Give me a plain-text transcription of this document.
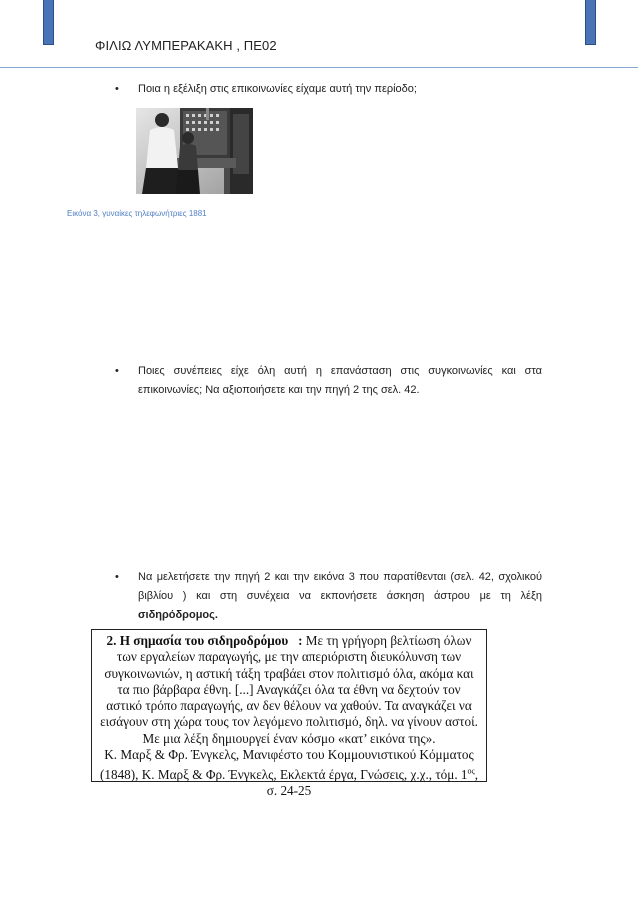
ΦΙΛΙΩ ΛΥΜΠΕΡΑΚΑΚΗ , ΠΕ02
• Ποια η εξέλιξη στις επικοινωνίες είχαμε αυτή την περίοδο;
Εικόνα 3, γυναίκες τηλεφωνήτριες 1881
• Ποιες συνέπειες είχε όλη αυτή η επανάσταση στις συγκοινωνίες και στα επικοινωνίες; Να αξιοποιήσετε και την πηγή 2 της σελ. 42.
• Να μελετήσετε την πηγή 2 και την εικόνα 3 που παρατίθενται (σελ. 42, σχολικού βιβλίου ) και στη συνέχεια να εκπονήσετε άσκηση άστρου με τη λέξη σιδηρόδρομος.
2. Η σημασία του σιδηροδρόμου : Με τη γρήγορη βελτίωση όλων των εργαλείων παραγωγής, με την απεριόριστη διευκόλυνση των συγκοινωνιών, η αστική τάξη τραβάει στον πολιτισμό όλα, ακόμα και τα πιο βάρβαρα έθνη. [...] Αναγκάζει όλα τα έθνη να δεχτούν τον αστικό τρόπο παραγωγής, αν δεν θέλουν να χαθούν. Τα αναγκάζει να εισάγουν στη χώρα τους τον λεγόμενο πολιτισμό, δηλ. να γίνουν αστοί. Με μια λέξη δημιουργεί έναν κόσμο «κατ’ εικόνα της».
Κ. Μαρξ & Φρ. Ένγκελς, Μανιφέστο του Κομμουνιστικού Κόμματος (1848), Κ. Μαρξ & Φρ. Ένγκελς, Εκλεκτά έργα, Γνώσεις, χ.χ., τόμ. $1^{o\varsigma}$, σ. 24-25
